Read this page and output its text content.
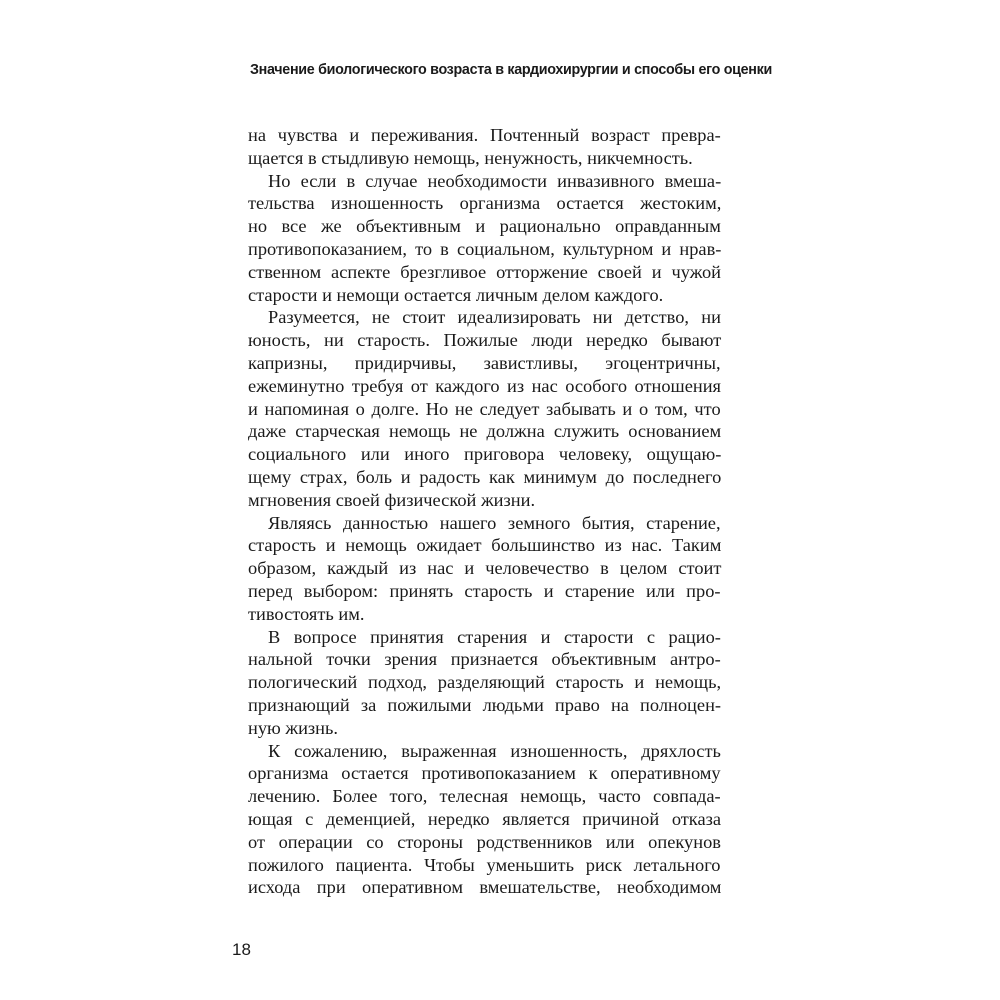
Значение биологического возраста в кардиохирургии и способы его оценки
на чувства и переживания. Почтенный возраст превра-
щается в стыдливую немощь, ненужность, никчемность.
Но если в случае необходимости инвазивного вмеша-
тельства изношенность организма остается жестоким,
но все же объективным и рационально оправданным
противопоказанием, то в социальном, культурном и нрав-
ственном аспекте брезгливое отторжение своей и чужой
старости и немощи остается личным делом каждого.
Разумеется, не стоит идеализировать ни детство, ни
юность, ни старость. Пожилые люди нередко бывают
капризны, придирчивы, завистливы, эгоцентричны,
ежеминутно требуя от каждого из нас особого отношения
и напоминая о долге. Но не следует забывать и о том, что
даже старческая немощь не должна служить основанием
социального или иного приговора человеку, ощущаю-
щему страх, боль и радость как минимум до последнего
мгновения своей физической жизни.
Являясь данностью нашего земного бытия, старение,
старость и немощь ожидает большинство из нас. Таким
образом, каждый из нас и человечество в целом стоит
перед выбором: принять старость и старение или про-
тивостоять им.
В вопросе принятия старения и старости с рацио-
нальной точки зрения признается объективным антро-
пологический подход, разделяющий старость и немощь,
признающий за пожилыми людьми право на полноцен-
ную жизнь.
К сожалению, выраженная изношенность, дряхлость
организма остается противопоказанием к оперативному
лечению. Более того, телесная немощь, часто совпада-
ющая с деменцией, нередко является причиной отказа
от операции со стороны родственников или опекунов
пожилого пациента. Чтобы уменьшить риск летального
исхода при оперативном вмешательстве, необходимом
18
